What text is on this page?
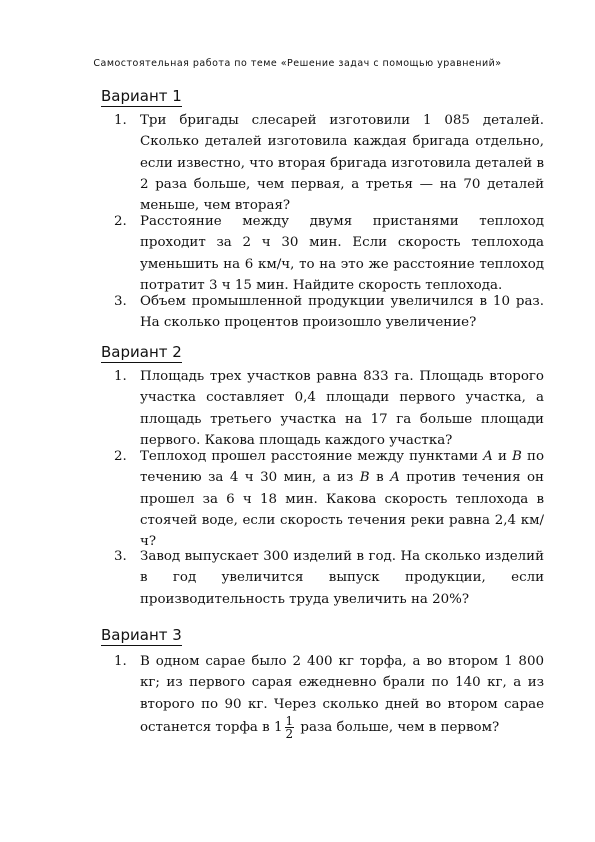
Самостоятельная работа по теме «Решение задач с помощью уравнений»
Вариант 1
1. Три бригады слесарей изготовили 1 085 деталей. Сколько деталей изготовила каждая бригада отдельно, если известно, что вторая бригада изготовила деталей в 2 раза больше, чем первая, а третья — на 70 деталей меньше, чем вторая?
2. Расстояние между двумя пристанями теплоход проходит за 2 ч 30 мин. Если скорость теплохода уменьшить на 6 км/ч, то на это же расстояние теплоход потратит 3 ч 15 мин. Найдите скорость теплохода.
3. Объем промышленной продукции увеличился в 10 раз. На сколько процентов произошло увеличение?
Вариант 2
1. Площадь трех участков равна 833 га. Площадь второго участка составляет 0,4 площади первого участка, а площадь третьего участка на 17 га больше площади первого. Какова площадь каждого участка?
2. Теплоход прошел расстояние между пунктами A и B по течению за 4 ч 30 мин, а из B в A против течения он прошел за 6 ч 18 мин. Какова скорость теплохода в стоячей воде, если скорость течения реки равна 2,4 км/ч?
3. Завод выпускает 300 изделий в год. На сколько изделий в год увеличится выпуск продукции, если производительность труда увеличить на 20%?
Вариант 3
1. В одном сарае было 2 400 кг торфа, а во втором 1 800 кг; из первого сарая ежедневно брали по 140 кг, а из второго по 90 кг. Через сколько дней во втором сарае останется торфа в $1 \frac{1}{2}$ раза больше, чем в первом?
